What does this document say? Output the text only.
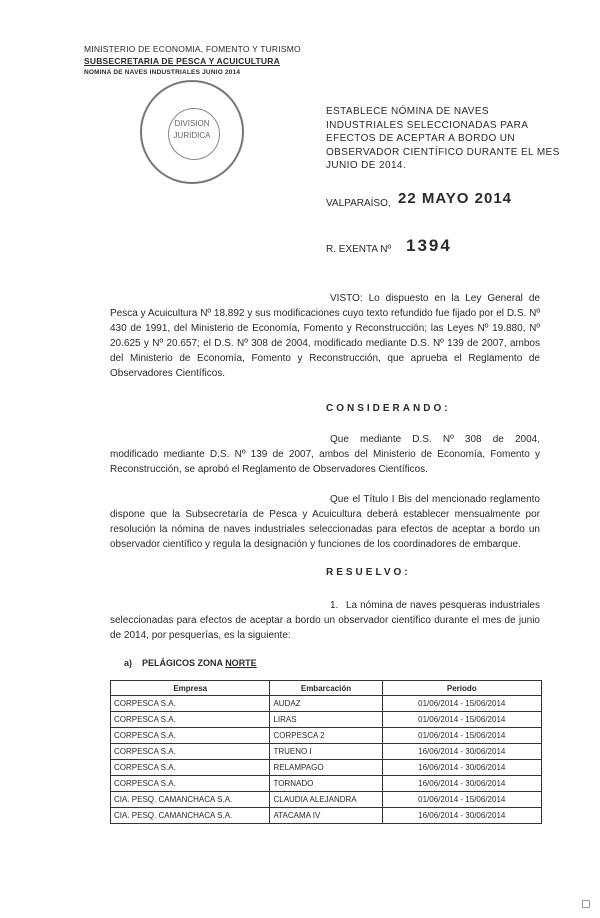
MINISTERIO DE ECONOMIA, FOMENTO Y TURISMO
SUBSECRETARIA DE PESCA Y ACUICULTURA
NOMINA DE NAVES INDUSTRIALES JUNIO 2014
DIVISION
JURIDICA
ESTABLECE NÓMINA DE NAVES INDUSTRIALES SELECCIONADAS PARA EFECTOS DE ACEPTAR A BORDO UN OBSERVADOR CIENTÍFICO DURANTE EL MES JUNIO DE 2014.
VALPARAÍSO, 22 MAYO 2014
R. EXENTA Nº 1394
VISTO: Lo dispuesto en la Ley General de Pesca y Acuicultura Nº 18.892 y sus modificaciones cuyo texto refundido fue fijado por el D.S. Nº 430 de 1991, del Ministerio de Economía, Fomento y Reconstrucción; las Leyes Nº 19.880, Nº 20.625 y Nº 20.657; el D.S. Nº 308 de 2004, modificado mediante D.S. Nº 139 de 2007, ambos del Ministerio de Economía, Fomento y Reconstrucción, que aprueba el Reglamento de Observadores Científicos.
CONSIDERANDO:
Que mediante D.S. Nº 308 de 2004, modificado mediante D.S. Nº 139 de 2007, ambos del Ministerio de Economía, Fomento y Reconstrucción, se aprobó el Reglamento de Observadores Científicos.
Que el Título I Bis del mencionado reglamento dispone que la Subsecretaría de Pesca y Acuicultura deberá establecer mensualmente por resolución la nómina de naves industriales seleccionadas para efectos de aceptar a bordo un observador científico y regula la designación y funciones de los coordinadores de embarque.
RESUELVO:
1. La nómina de naves pesqueras industriales seleccionadas para efectos de aceptar a bordo un observador científico durante el mes de junio de 2014, por pesquerías, es la siguiente:
a) PELÁGICOS ZONA NORTE
Empresa	Embarcación	Periodo
CORPESCA S.A.	AUDAZ	01/06/2014 - 15/06/2014
CORPESCA S.A.	LIRAS	01/06/2014 - 15/06/2014
CORPESCA S.A.	CORPESCA 2	01/06/2014 - 15/06/2014
CORPESCA S.A.	TRUENO I	16/06/2014 - 30/06/2014
CORPESCA S.A.	RELAMPAGO	16/06/2014 - 30/06/2014
CORPESCA S.A.	TORNADO	16/06/2014 - 30/06/2014
CIA. PESQ. CAMANCHACA S.A.	CLAUDIA ALEJANDRA	01/06/2014 - 15/06/2014
CIA. PESQ. CAMANCHACA S.A.	ATACAMA IV	16/06/2014 - 30/06/2014
